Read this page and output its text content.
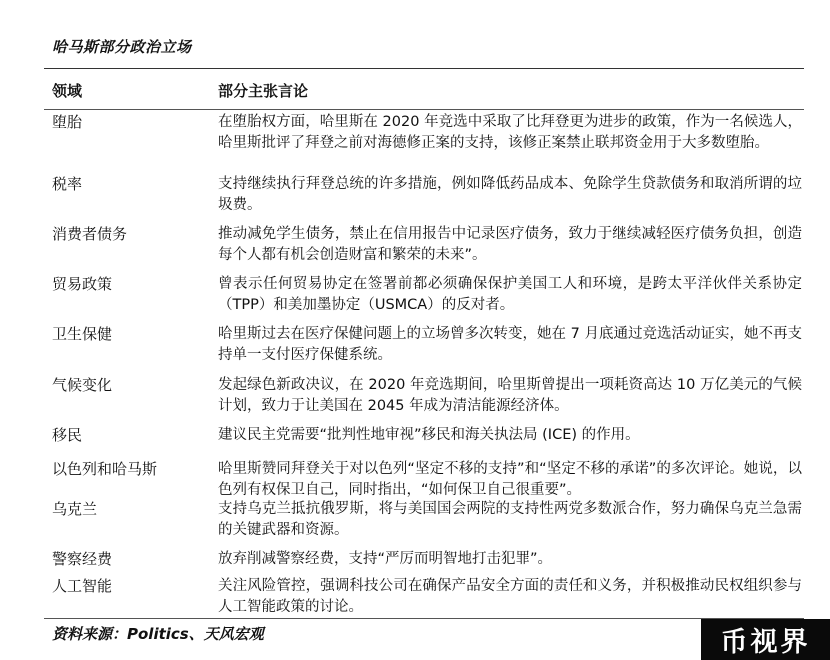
哈马斯部分政治立场
领域	部分主张言论
堕胎	在堕胎权方面，哈里斯在 2020 年竞选中采取了比拜登更为进步的政策，作为一名候选人，哈里斯批评了拜登之前对海德修正案的支持，该修正案禁止联邦资金用于大多数堕胎。
税率	支持继续执行拜登总统的许多措施，例如降低药品成本、免除学生贷款债务和取消所谓的垃圾费。
消费者债务	推动减免学生债务，禁止在信用报告中记录医疗债务，致力于继续减轻医疗债务负担，创造每个人都有机会创造财富和繁荣的未来”。
贸易政策	曾表示任何贸易协定在签署前都必须确保保护美国工人和环境，是跨太平洋伙伴关系协定（TPP）和美加墨协定（USMCA）的反对者。
卫生保健	哈里斯过去在医疗保健问题上的立场曾多次转变，她在 7 月底通过竞选活动证实，她不再支持单一支付医疗保健系统。
气候变化	发起绿色新政决议，在 2020 年竞选期间，哈里斯曾提出一项耗资高达 10 万亿美元的气候计划，致力于让美国在 2045 年成为清洁能源经济体。
移民	建议民主党需要“批判性地审视”移民和海关执法局 (ICE) 的作用。
以色列和哈马斯	哈里斯赞同拜登关于对以色列“坚定不移的支持”和“坚定不移的承诺”的多次评论。她说，以色列有权保卫自己，同时指出，“如何保卫自己很重要”。
乌克兰	支持乌克兰抵抗俄罗斯，将与美国国会两院的支持性两党多数派合作，努力确保乌克兰急需的关键武器和资源。
警察经费	放弃削减警察经费，支持“严厉而明智地打击犯罪”。
人工智能	关注风险管控，强调科技公司在确保产品安全方面的责任和义务，并积极推动民权组织参与人工智能政策的讨论。
资料来源：Politics、天风宏观	币视界
